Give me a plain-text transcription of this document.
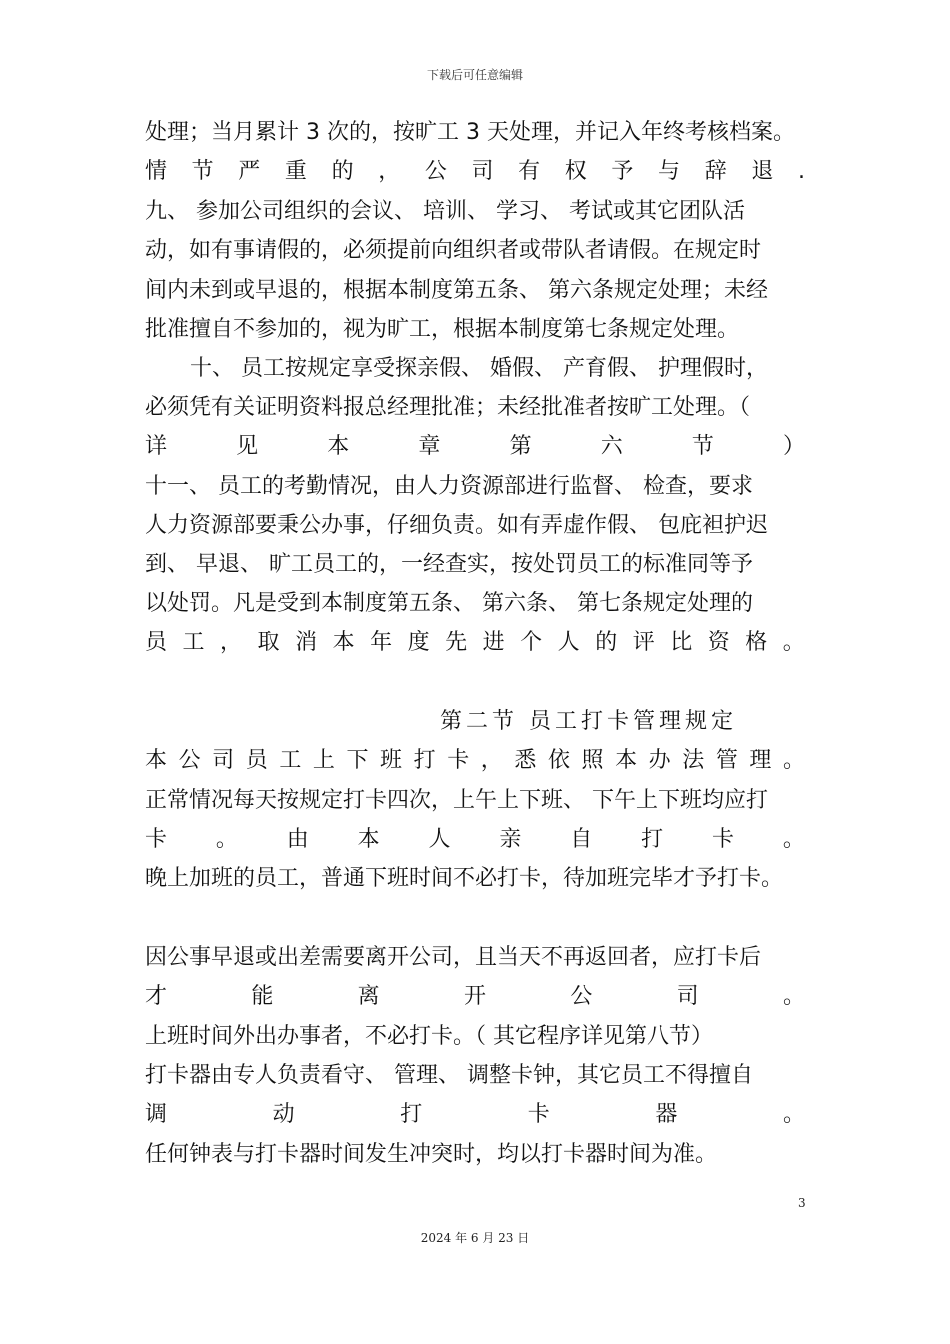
下载后可任意编辑
处理；当月累计 3 次的，按旷工 3 天处理，并记入年终考核档案。
情 节 严 重 的 ， 公 司 有 权 予 与 辞 退 .
九、 参加公司组织的会议、 培训、 学习、 考试或其它团队活
动，如有事请假的，必须提前向组织者或带队者请假。在规定时
间内未到或早退的，根据本制度第五条、 第六条规定处理；未经
批准擅自不参加的，视为旷工，根据本制度第七条规定处理。
十、 员工按规定享受探亲假、 婚假、 产育假、 护理假时，
必须凭有关证明资料报总经理批准；未经批准者按旷工处理。（
详	见	本	章	第	六	节	）
十一、 员工的考勤情况，由人力资源部进行监督、 检查，要求
人力资源部要秉公办事，仔细负责。如有弄虚作假、 包庇袒护迟
到、 早退、 旷工员工的，一经查实，按处罚员工的标准同等予
以处罚。凡是受到本制度第五条、 第六条、 第七条规定处理的
员 工 ， 取 消 本 年 度 先 进 个 人 的 评 比 资 格 。
第二节 员工打卡管理规定
本 公 司 员 工 上 下 班 打 卡 ， 悉 依 照 本 办 法 管 理 。
正常情况每天按规定打卡四次，上午上下班、 下午上下班均应打
卡 。 由 本 人 亲 自 打 卡 。
晚上加班的员工，普通下班时间不必打卡，待加班完毕才予打卡。
因公事早退或出差需要离开公司，且当天不再返回者，应打卡后
才	能	离	开	公	司	。
上班时间外出办事者，不必打卡。（ 其它程序详见第八节）
打卡器由专人负责看守、 管理、 调整卡钟，其它员工不得擅自
调	动	打	卡	器	。
任何钟表与打卡器时间发生冲突时，均以打卡器时间为准。
3
2024 年 6 月 23 日
